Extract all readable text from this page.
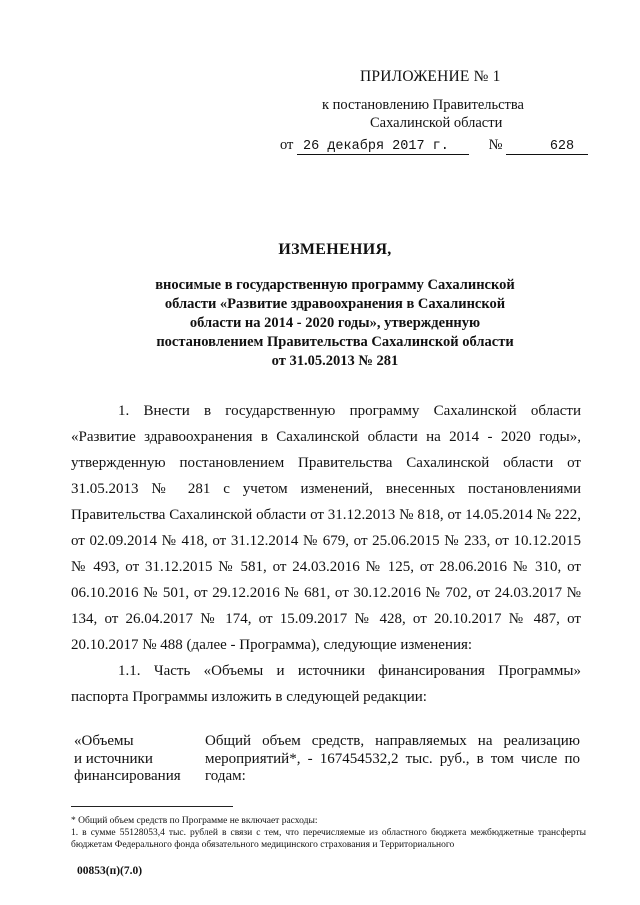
ПРИЛОЖЕНИЕ № 1
к постановлению Правительства
Сахалинской области
от 26 декабря 2017 г.	№	628
ИЗМЕНЕНИЯ,
вносимые в государственную программу Сахалинской
области «Развитие здравоохранения в Сахалинской
области на 2014 - 2020 годы», утвержденную
постановлением Правительства Сахалинской области
от 31.05.2013 № 281

1. Внести в государственную программу Сахалинской области «Развитие здравоохранения в Сахалинской области на 2014 - 2020 годы», утвержденную постановлением Правительства Сахалинской области от 31.05.2013 № 281 с учетом изменений, внесенных постановлениями Правительства Сахалинской области от 31.12.2013 № 818, от 14.05.2014 № 222, от 02.09.2014 № 418, от 31.12.2014 № 679, от 25.06.2015 № 233, от 10.12.2015 № 493, от 31.12.2015 № 581, от 24.03.2016 № 125, от 28.06.2016 № 310, от 06.10.2016 № 501, от 29.12.2016 № 681, от 30.12.2016 № 702, от 24.03.2017 № 134, от 26.04.2017 № 174, от 15.09.2017 № 428, от 20.10.2017 № 487, от 20.10.2017 № 488 (далее - Программа), следующие изменения:

1.1. Часть «Объемы и источники финансирования Программы» паспорта Программы изложить в следующей редакции:

«Объемы
и источники
финансирования
Общий объем средств, направляемых на реализацию мероприятий*, - 167454532,2 тыс. руб., в том числе по годам:
* Общий объем средств по Программе не включает расходы:
1. в сумме 55128053,4 тыс. рублей в связи с тем, что перечисляемые из областного бюджета межбюджетные трансферты бюджетам Федерального фонда обязательного медицинского страхования и Территориального
00853(п)(7.0)
